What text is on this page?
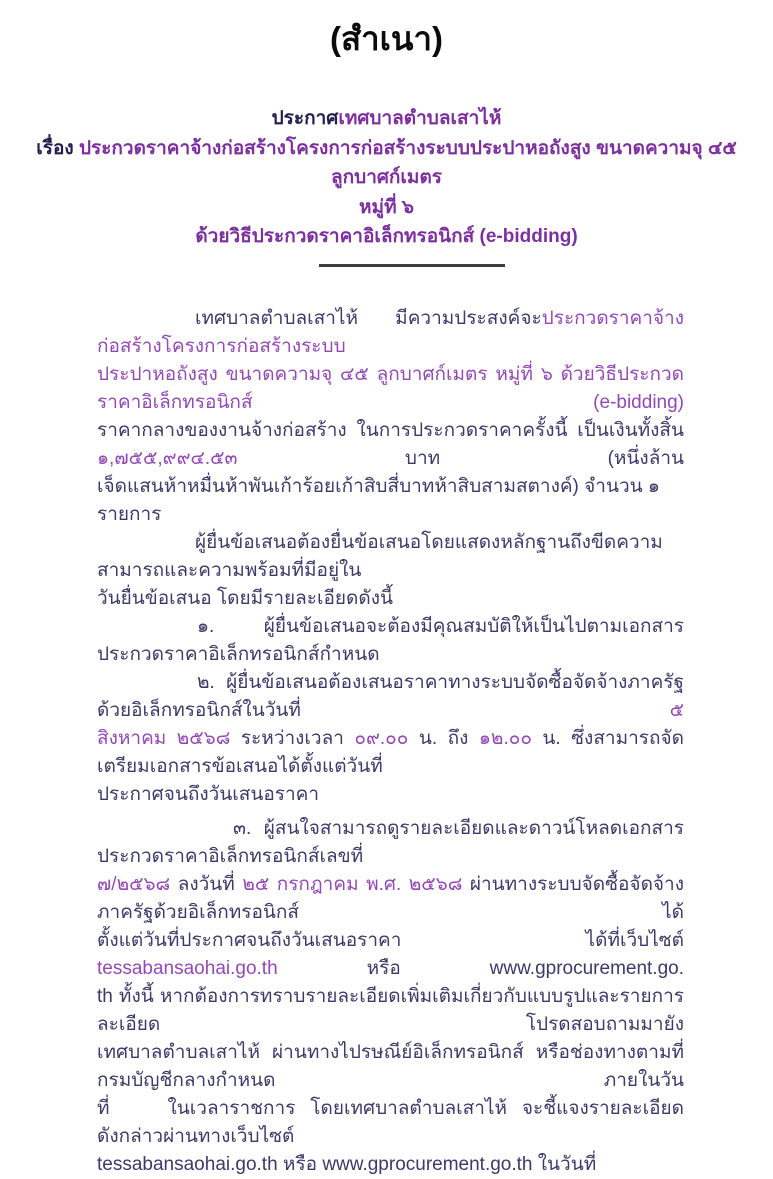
(สำเนา)
ประกาศเทศบาลตำบลเสาไห้
เรื่อง ประกวดราคาจ้างก่อสร้างโครงการก่อสร้างระบบประปาหอถังสูง ขนาดความจุ ๔๕ ลูกบาศก์เมตร
หมู่ที่ ๖
ด้วยวิธีประกวดราคาอิเล็กทรอนิกส์ (e-bidding)
เทศบาลตำบลเสาไห้ มีความประสงค์จะประกวดราคาจ้างก่อสร้างโครงการก่อสร้างระบบ
ประปาหอถังสูง ขนาดความจุ ๔๕ ลูกบาศก์เมตร หมู่ที่ ๖ ด้วยวิธีประกวดราคาอิเล็กทรอนิกส์ (e-bidding)
ราคากลางของงานจ้างก่อสร้าง ในการประกวดราคาครั้งนี้ เป็นเงินทั้งสิ้น ๑,๗๕๕,๙๙๔.๕๓ บาท (หนึ่งล้าน
เจ็ดแสนห้าหมื่นห้าพันเก้าร้อยเก้าสิบสี่บาทห้าสิบสามสตางค์) จำนวน ๑ รายการ
ผู้ยื่นข้อเสนอต้องยื่นข้อเสนอโดยแสดงหลักฐานถึงขีดความสามารถและความพร้อมที่มีอยู่ใน
วันยื่นข้อเสนอ โดยมีรายละเอียดดังนี้
๑. ผู้ยื่นข้อเสนอจะต้องมีคุณสมบัติให้เป็นไปตามเอกสารประกวดราคาอิเล็กทรอนิกส์กำหนด
๒. ผู้ยื่นข้อเสนอต้องเสนอราคาทางระบบจัดซื้อจัดจ้างภาครัฐด้วยอิเล็กทรอนิกส์ในวันที่ ๕
สิงหาคม ๒๕๖๘ ระหว่างเวลา ๐๙.๐๐ น. ถึง ๑๒.๐๐ น. ซึ่งสามารถจัดเตรียมเอกสารข้อเสนอได้ตั้งแต่วันที่
ประกาศจนถึงวันเสนอราคา
๓. ผู้สนใจสามารถดูรายละเอียดและดาวน์โหลดเอกสารประกวดราคาอิเล็กทรอนิกส์เลขที่
๗/๒๕๖๘ ลงวันที่ ๒๕ กรกฎาคม พ.ศ. ๒๕๖๘ ผ่านทางระบบจัดซื้อจัดจ้างภาครัฐด้วยอิเล็กทรอนิกส์ ได้
ตั้งแต่วันที่ประกาศจนถึงวันเสนอราคา ได้ที่เว็บไซต์ tessabansaohai.go.th หรือ www.gprocurement.go.
th ทั้งนี้ หากต้องการทราบรายละเอียดเพิ่มเติมเกี่ยวกับแบบรูปและรายการละเอียด โปรดสอบถามมายัง
เทศบาลตำบลเสาไห้ ผ่านทางไปรษณีย์อิเล็กทรอนิกส์ หรือช่องทางตามที่กรมบัญชีกลางกำหนด ภายในวัน
ที่	ในเวลาราชการ โดยเทศบาลตำบลเสาไห้ จะชี้แจงรายละเอียดดังกล่าวผ่านทางเว็บไซต์
tessabansaohai.go.th หรือ www.gprocurement.go.th ในวันที่
